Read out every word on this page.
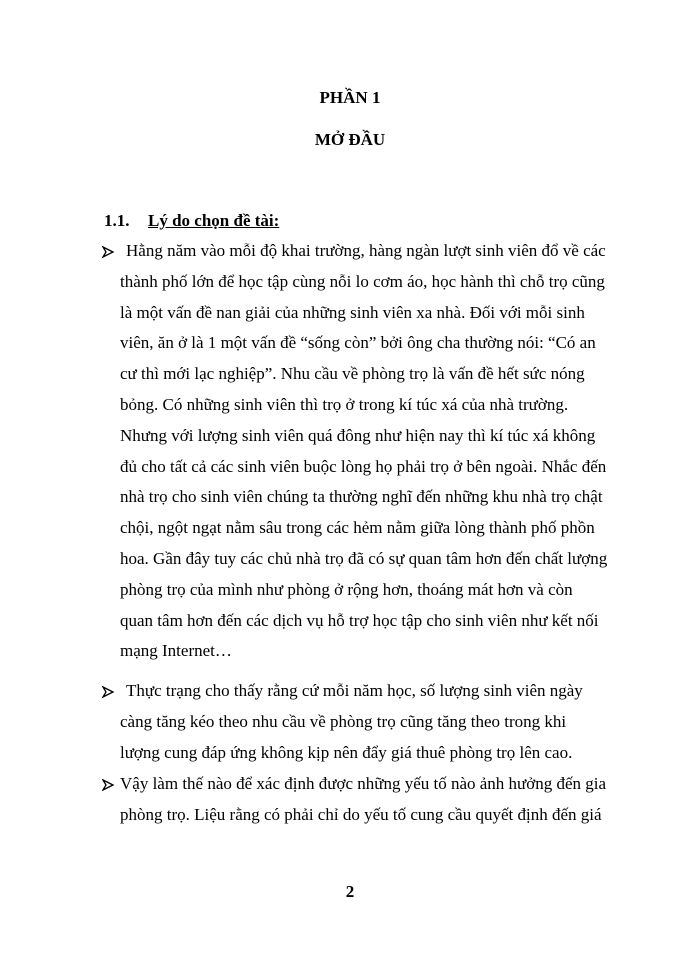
PHẦN 1
MỞ ĐẦU
1.1. Lý do chọn đề tài:
Hằng năm vào mỗi độ khai trường, hàng ngàn lượt sinh viên đổ về các
thành phố lớn để học tập cùng nỗi lo cơm áo, học hành thì chỗ trọ cũng
là một vấn đề nan giải của những sinh viên xa nhà. Đối với mỗi sinh
viên, ăn ở là 1 một vấn đề “sống còn” bởi ông cha thường nói: “Có an
cư thì mới lạc nghiệp”. Nhu cầu về phòng trọ là vấn đề hết sức nóng
bỏng. Có những sinh viên thì trọ ở trong kí túc xá của nhà trường.
Nhưng với lượng sinh viên quá đông như hiện nay thì kí túc xá không
đủ cho tất cả các sinh viên buộc lòng họ phải trọ ở bên ngoài. Nhắc đến
nhà trọ cho sinh viên chúng ta thường nghĩ đến những khu nhà trọ chật
chội, ngột ngạt nằm sâu trong các hẻm nằm giữa lòng thành phố phồn
hoa. Gần đây tuy các chủ nhà trọ đã có sự quan tâm hơn đến chất lượng
phòng trọ của mình như phòng ở rộng hơn, thoáng mát hơn và còn
quan tâm hơn đến các dịch vụ hỗ trợ học tập cho sinh viên như kết nối
mạng Internet…
Thực trạng cho thấy rằng cứ mỗi năm học, số lượng sinh viên ngày
càng tăng kéo theo nhu cầu về phòng trọ cũng tăng theo trong khi
lượng cung đáp ứng không kịp nên đẩy giá thuê phòng trọ lên cao.
Vậy làm thế nào để xác định được những yếu tố nào ảnh hưởng đến gia
phòng trọ. Liệu rằng có phải chỉ do yếu tố cung cầu quyết định đến giá
2
